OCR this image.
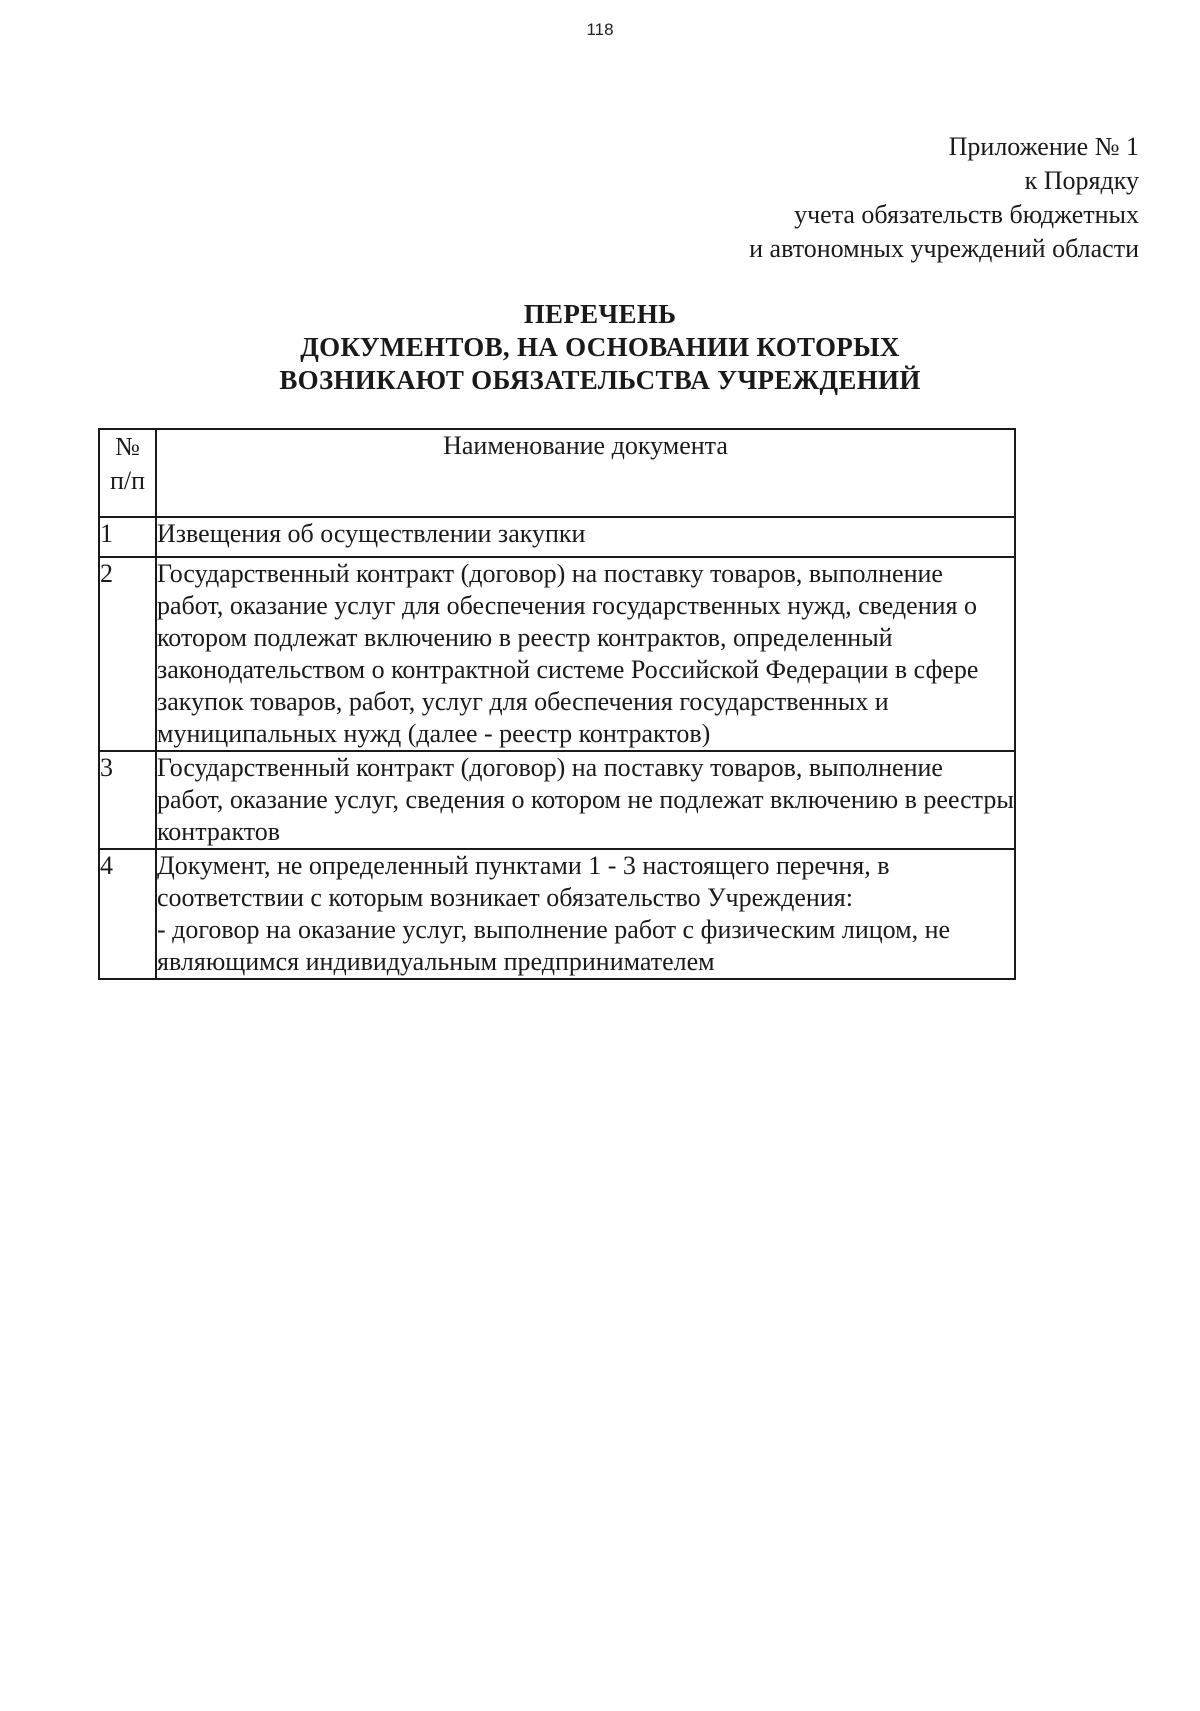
118
Приложение № 1
к Порядку
учета обязательств бюджетных
и автономных учреждений области
ПЕРЕЧЕНЬ
ДОКУМЕНТОВ, НА ОСНОВАНИИ КОТОРЫХ
ВОЗНИКАЮТ ОБЯЗАТЕЛЬСТВА УЧРЕЖДЕНИЙ
№
п/п	Наименование документа
1	Извещения об осуществлении закупки
2	Государственный контракт (договор) на поставку товаров, выполнение работ, оказание услуг для обеспечения государственных нужд, сведения о котором подлежат включению в реестр контрактов, определенный законодательством о контрактной системе Российской Федерации в сфере закупок товаров, работ, услуг для обеспечения государственных и муниципальных нужд (далее - реестр контрактов)
3	Государственный контракт (договор) на поставку товаров, выполнение работ, оказание услуг, сведения о котором не подлежат включению в реестры контрактов
4	Документ, не определенный пунктами 1 - 3 настоящего перечня, в соответствии с которым возникает обязательство Учреждения:
- договор на оказание услуг, выполнение работ с физическим лицом, не являющимся индивидуальным предпринимателем
